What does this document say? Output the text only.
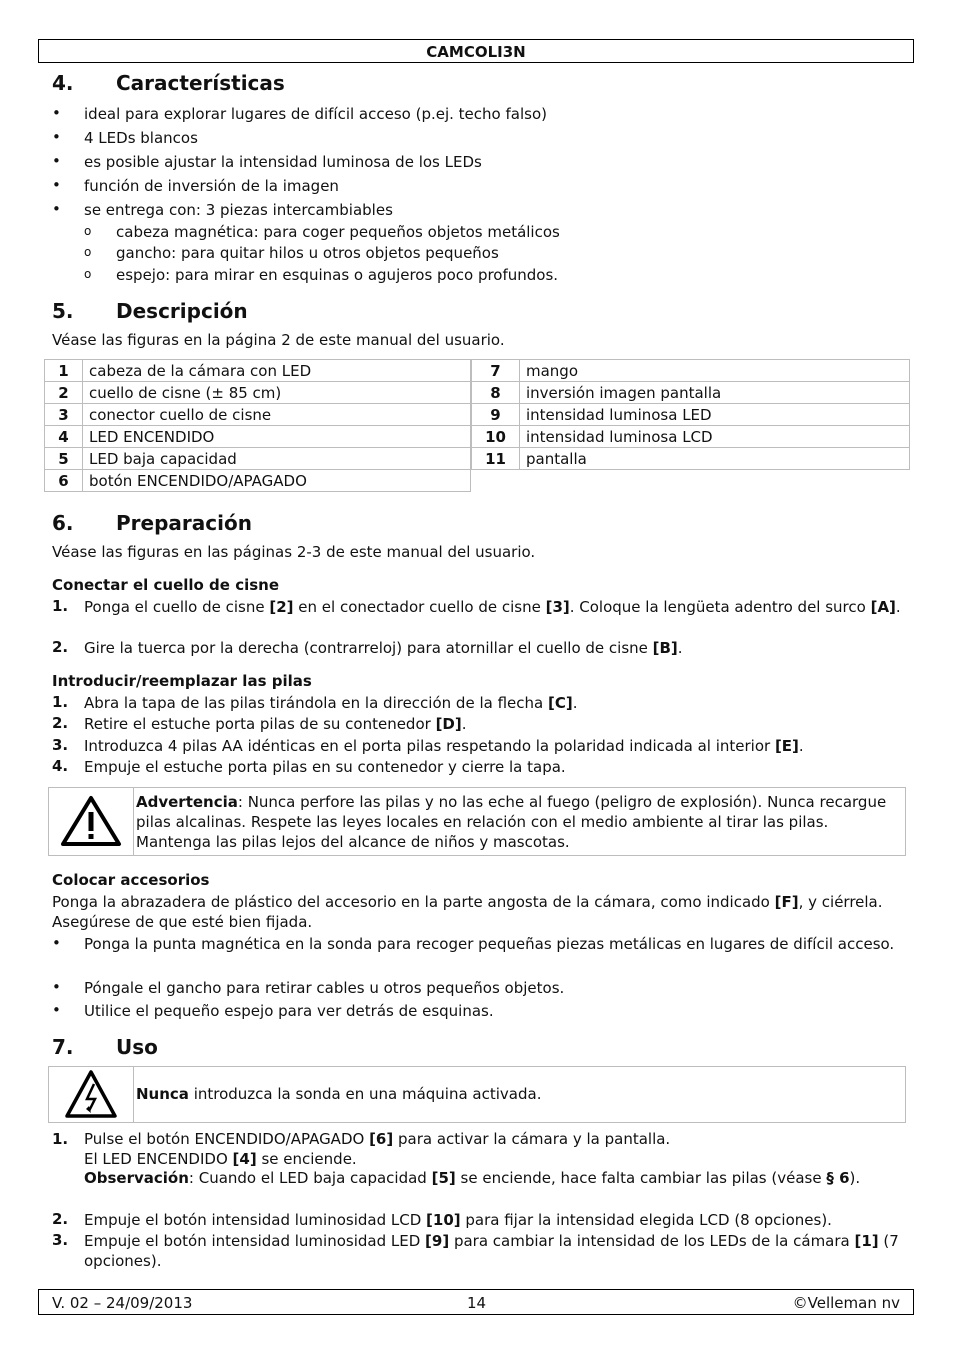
CAMCOLI3N
4. Características
• ideal para explorar lugares de difícil acceso (p.ej. techo falso)
• 4 LEDs blancos
• es posible ajustar la intensidad luminosa de los LEDs
• función de inversión de la imagen
• se entrega con: 3 piezas intercambiables
o cabeza magnética: para coger pequeños objetos metálicos
o gancho: para quitar hilos u otros objetos pequeños
o espejo: para mirar en esquinas o agujeros poco profundos.
5. Descripción
Véase las figuras en la página 2 de este manual del usuario.
1	cabeza de la cámara con LED
2	cuello de cisne (± 85 cm)
3	conector cuello de cisne
4	LED ENCENDIDO
5	LED baja capacidad
6	botón ENCENDIDO/APAGADO
7	mango
8	inversión imagen pantalla
9	intensidad luminosa LED
10	intensidad luminosa LCD
11	pantalla
6. Preparación
Véase las figuras en las páginas 2-3 de este manual del usuario.
Conectar el cuello de cisne
1. Ponga el cuello de cisne [2] en el conectador cuello de cisne [3]. Coloque la lengüeta adentro del surco [A].
2. Gire la tuerca por la derecha (contrarreloj) para atornillar el cuello de cisne [B].
Introducir/reemplazar las pilas
1. Abra la tapa de las pilas tirándola en la dirección de la flecha [C].
2. Retire el estuche porta pilas de su contenedor [D].
3. Introduzca 4 pilas AA idénticas en el porta pilas respetando la polaridad indicada al interior [E].
4. Empuje el estuche porta pilas en su contenedor y cierre la tapa.
Advertencia: Nunca perfore las pilas y no las eche al fuego (peligro de explosión). Nunca recargue pilas alcalinas. Respete las leyes locales en relación con el medio ambiente al tirar las pilas. Mantenga las pilas lejos del alcance de niños y mascotas.
Colocar accesorios
Ponga la abrazadera de plástico del accesorio en la parte angosta de la cámara, como indicado [F], y ciérrela. Asegúrese de que esté bien fijada.
• Ponga la punta magnética en la sonda para recoger pequeñas piezas metálicas en lugares de difícil acceso.
• Póngale el gancho para retirar cables u otros pequeños objetos.
• Utilice el pequeño espejo para ver detrás de esquinas.
7. Uso
Nunca introduzca la sonda en una máquina activada.
1. Pulse el botón ENCENDIDO/APAGADO [6] para activar la cámara y la pantalla.
El LED ENCENDIDO [4] se enciende.
Observación: Cuando el LED baja capacidad [5] se enciende, hace falta cambiar las pilas (véase § 6).
2. Empuje el botón intensidad luminosidad LCD [10] para fijar la intensidad elegida LCD (8 opciones).
3. Empuje el botón intensidad luminosidad LED [9] para cambiar la intensidad de los LEDs de la cámara [1] (7 opciones).
V. 02 – 24/09/2013	14	©Velleman nv
